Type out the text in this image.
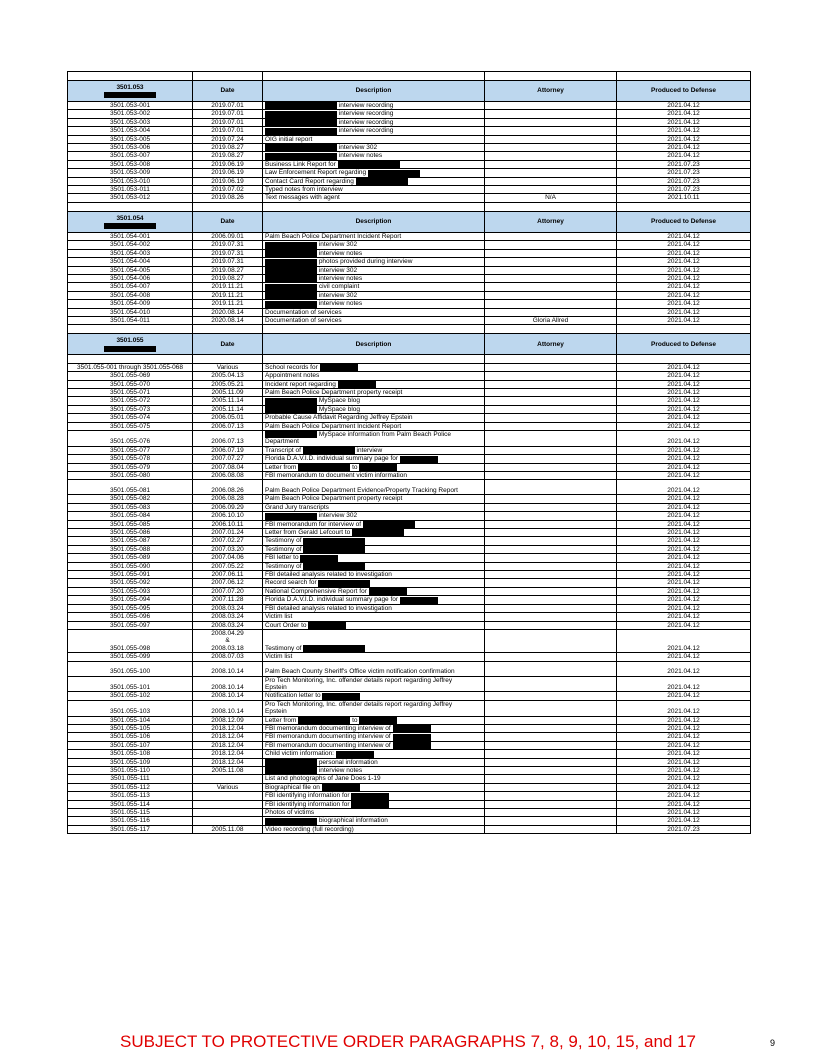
3501.053	Date	Description	Attorney	Produced to Defense
3501.053-001	2019.07.01	interview recording		2021.04.12
3501.053-002	2019.07.01	interview recording		2021.04.12
3501.053-003	2019.07.01	interview recording		2021.04.12
3501.053-004	2019.07.01	interview recording		2021.04.12
3501.053-005	2019.07.24	OIG initial report		2021.04.12
3501.053-006	2019.08.27	interview 302		2021.04.12
3501.053-007	2019.08.27	interview notes		2021.04.12
3501.053-008	2019.06.19	Business Link Report for		2021.07.23
3501.053-009	2019.06.19	Law Enforcement Report regarding		2021.07.23
3501.053-010	2019.06.19	Contact Card Report regarding		2021.07.23
3501.053-011	2019.07.02	Typed notes from interview		2021.07.23
3501.053-012	2019.08.26	Text messages with agent	N/A	2021.10.11

3501.054	Date	Description	Attorney	Produced to Defense
3501.054-001	2006.09.01	Palm Beach Police Department Incident Report		2021.04.12
3501.054-002	2019.07.31	interview 302		2021.04.12
3501.054-003	2019.07.31	interview notes		2021.04.12
3501.054-004	2019.07.31	photos provided during interview		2021.04.12
3501.054-005	2019.08.27	interview 302		2021.04.12
3501.054-006	2019.08.27	interview notes		2021.04.12
3501.054-007	2019.11.21	civil complaint		2021.04.12
3501.054-008	2019.11.21	interview 302		2021.04.12
3501.054-009	2019.11.21	interview notes		2021.04.12
3501.054-010	2020.08.14	Documentation of services		2021.04.12
3501.054-011	2020.08.14	Documentation of services	Gloria Allred	2021.04.12

3501.055	Date	Description	Attorney	Produced to Defense

3501.055-001 through 3501.055-068	Various	School records for		2021.04.12
3501.055-069	2005.04.13	Appointment notes		2021.04.12
3501.055-070	2005.05.21	Incident report regarding		2021.04.12
3501.055-071	2005.11.09	Palm Beach Police Department property receipt		2021.04.12
3501.055-072	2005.11.14	MySpace blog		2021.04.12
3501.055-073	2005.11.14	MySpace blog		2021.04.12
3501.055-074	2006.05.01	Probable Cause Affidavit Regarding Jeffrey Epstein		2021.04.12
3501.055-075	2006.07.13	Palm Beach Police Department Incident Report		2021.04.12
3501.055-076	2006.07.13	MySpace information from Palm Beach Police
Department		2021.04.12
3501.055-077	2006.07.19	Transcript of interview		2021.04.12
3501.055-078	2007.07.27	Florida D.A.V.I.D. individual summary page for		2021.04.12
3501.055-079	2007.08.04	Letter from to		2021.04.12
3501.055-080	2006.08.08	FBI memorandum to document victim information		2021.04.12
3501.055-081	2006.08.26	Palm Beach Police Department Evidence/Property Tracking Report		2021.04.12
3501.055-082	2006.08.28	Palm Beach Police Department property receipt		2021.04.12
3501.055-083	2006.09.29	Grand Jury transcripts		2021.04.12
3501.055-084	2006.10.10	interview 302		2021.04.12
3501.055-085	2006.10.11	FBI memorandum for interview of		2021.04.12
3501.055-086	2007.01.24	Letter from Gerald Lefcourt to		2021.04.12
3501.055-087	2007.02.27	Testimony of		2021.04.12
3501.055-088	2007.03.20	Testimony of		2021.04.12
3501.055-089	2007.04.06	FBI letter to		2021.04.12
3501.055-090	2007.05.22	Testimony of		2021.04.12
3501.055-091	2007.06.11	FBI detailed analysis related to investigation		2021.04.12
3501.055-092	2007.06.12	Record search for		2021.04.12
3501.055-093	2007.07.20	National Comprehensive Report for		2021.04.12
3501.055-094	2007.11.28	Florida D.A.V.I.D. individual summary page for		2021.04.12
3501.055-095	2008.03.24	FBI detailed analysis related to investigation		2021.04.12
3501.055-096	2008.03.24	Victim list		2021.04.12
3501.055-097	2008.03.24	Court Order to		2021.04.12
3501.055-098	2008.04.29
&
2008.03.18	Testimony of		2021.04.12
3501.055-099	2008.07.03	Victim list		2021.04.12
3501.055-100	2008.10.14	Palm Beach County Sheriff's Office victim notification confirmation		2021.04.12
3501.055-101	2008.10.14	Pro Tech Monitoring, Inc. offender details report regarding Jeffrey
Epstein		2021.04.12
3501.055-102	2008.10.14	Notification letter to		2021.04.12
3501.055-103	2008.10.14	Pro Tech Monitoring, Inc. offender details report regarding Jeffrey
Epstein		2021.04.12
3501.055-104	2008.12.09	Letter from to		2021.04.12
3501.055-105	2018.12.04	FBI memorandum documenting interview of		2021.04.12
3501.055-106	2018.12.04	FBI memorandum documenting interview of		2021.04.12
3501.055-107	2018.12.04	FBI memorandum documenting interview of		2021.04.12
3501.055-108	2018.12.04	Child victim information:		2021.04.12
3501.055-109	2018.12.04	personal information		2021.04.12
3501.055-110	2005.11.08	interview notes		2021.04.12
3501.055-111		List and photographs of Jane Does 1-19		2021.04.12
3501.055-112	Various	Biographical file on		2021.04.12
3501.055-113		FBI identifying information for		2021.04.12
3501.055-114		FBI identifying information for		2021.04.12
3501.055-115		Photos of victims		2021.04.12
3501.055-116		biographical information		2021.04.12
3501.055-117	2005.11.08	Video recording (full recording)		2021.07.23
SUBJECT TO PROTECTIVE ORDER PARAGRAPHS 7, 8, 9, 10, 15, and 17	9
